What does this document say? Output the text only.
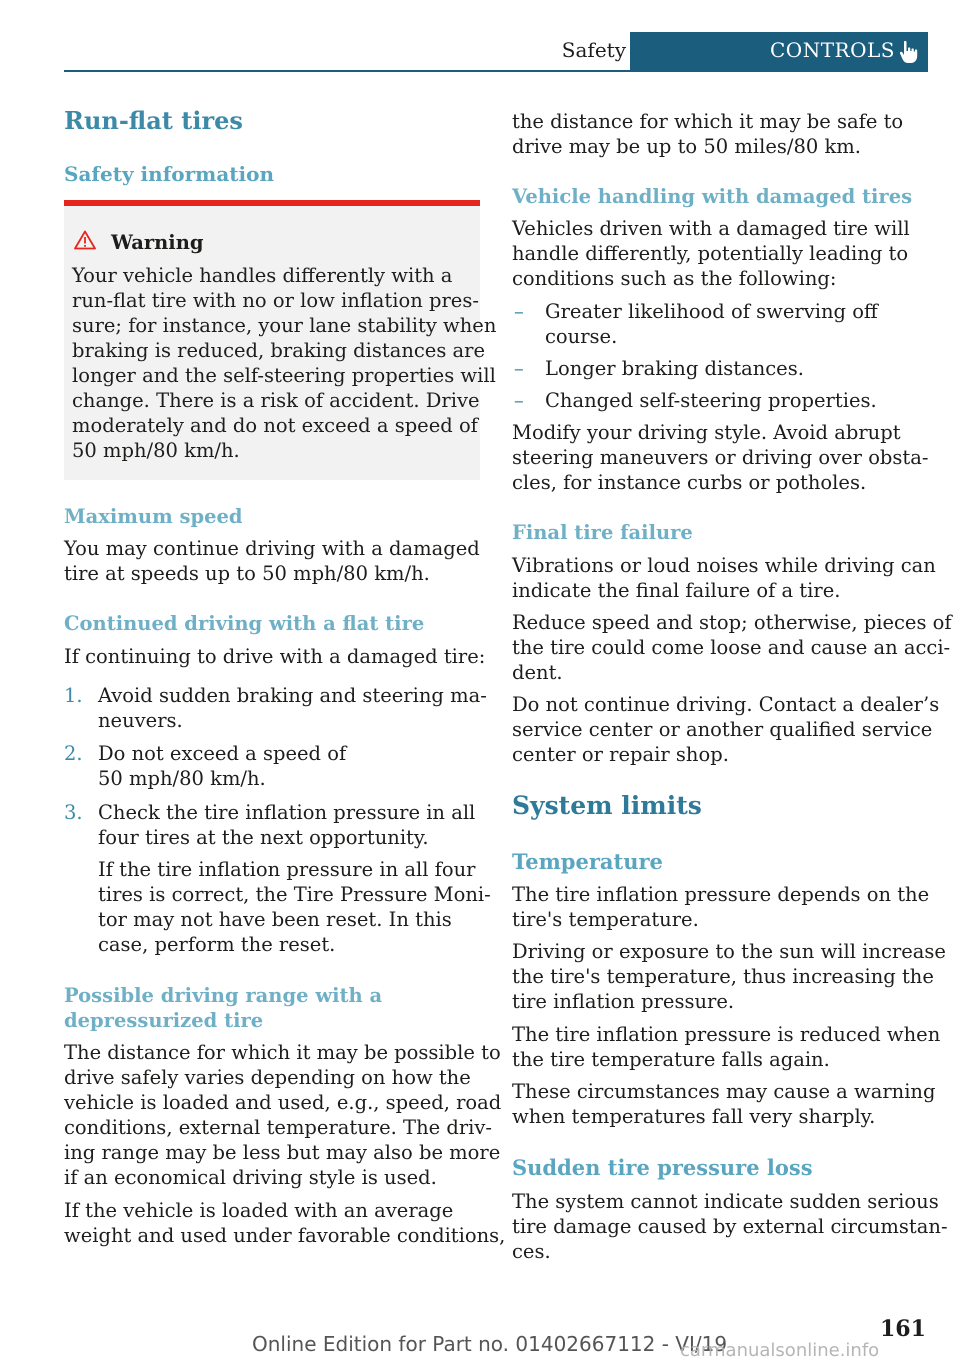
Safety	CONTROLS
Run-flat tires
Safety information
Warning
Your vehicle handles differently with a
run-flat tire with no or low inflation pres-
sure; for instance, your lane stability when
braking is reduced, braking distances are
longer and the self-steering properties will
change. There is a risk of accident. Drive
moderately and do not exceed a speed of
50 mph/80 km/h.
Maximum speed
You may continue driving with a damaged
tire at speeds up to 50 mph/80 km/h.
Continued driving with a flat tire
If continuing to drive with a damaged tire:
1. Avoid sudden braking and steering ma-
neuvers.
2. Do not exceed a speed of
50 mph/80 km/h.
3. Check the tire inflation pressure in all
four tires at the next opportunity.
If the tire inflation pressure in all four
tires is correct, the Tire Pressure Moni-
tor may not have been reset. In this
case, perform the reset.
Possible driving range with a
depressurized tire
The distance for which it may be possible to
drive safely varies depending on how the
vehicle is loaded and used, e.g., speed, road
conditions, external temperature. The driv-
ing range may be less but may also be more
if an economical driving style is used.
If the vehicle is loaded with an average
weight and used under favorable conditions,
the distance for which it may be safe to
drive may be up to 50 miles/80 km.
Vehicle handling with damaged tires
Vehicles driven with a damaged tire will
handle differently, potentially leading to
conditions such as the following:
– Greater likelihood of swerving off
course.
– Longer braking distances.
– Changed self-steering properties.
Modify your driving style. Avoid abrupt
steering maneuvers or driving over obsta-
cles, for instance curbs or potholes.
Final tire failure
Vibrations or loud noises while driving can
indicate the final failure of a tire.
Reduce speed and stop; otherwise, pieces of
the tire could come loose and cause an acci-
dent.
Do not continue driving. Contact a dealer’s
service center or another qualified service
center or repair shop.
System limits
Temperature
The tire inflation pressure depends on the
tire's temperature.
Driving or exposure to the sun will increase
the tire's temperature, thus increasing the
tire inflation pressure.
The tire inflation pressure is reduced when
the tire temperature falls again.
These circumstances may cause a warning
when temperatures fall very sharply.
Sudden tire pressure loss
The system cannot indicate sudden serious
tire damage caused by external circumstan-
ces.
161
Online Edition for Part no. 01402667112 - VI/19
carmanualsonline.info
